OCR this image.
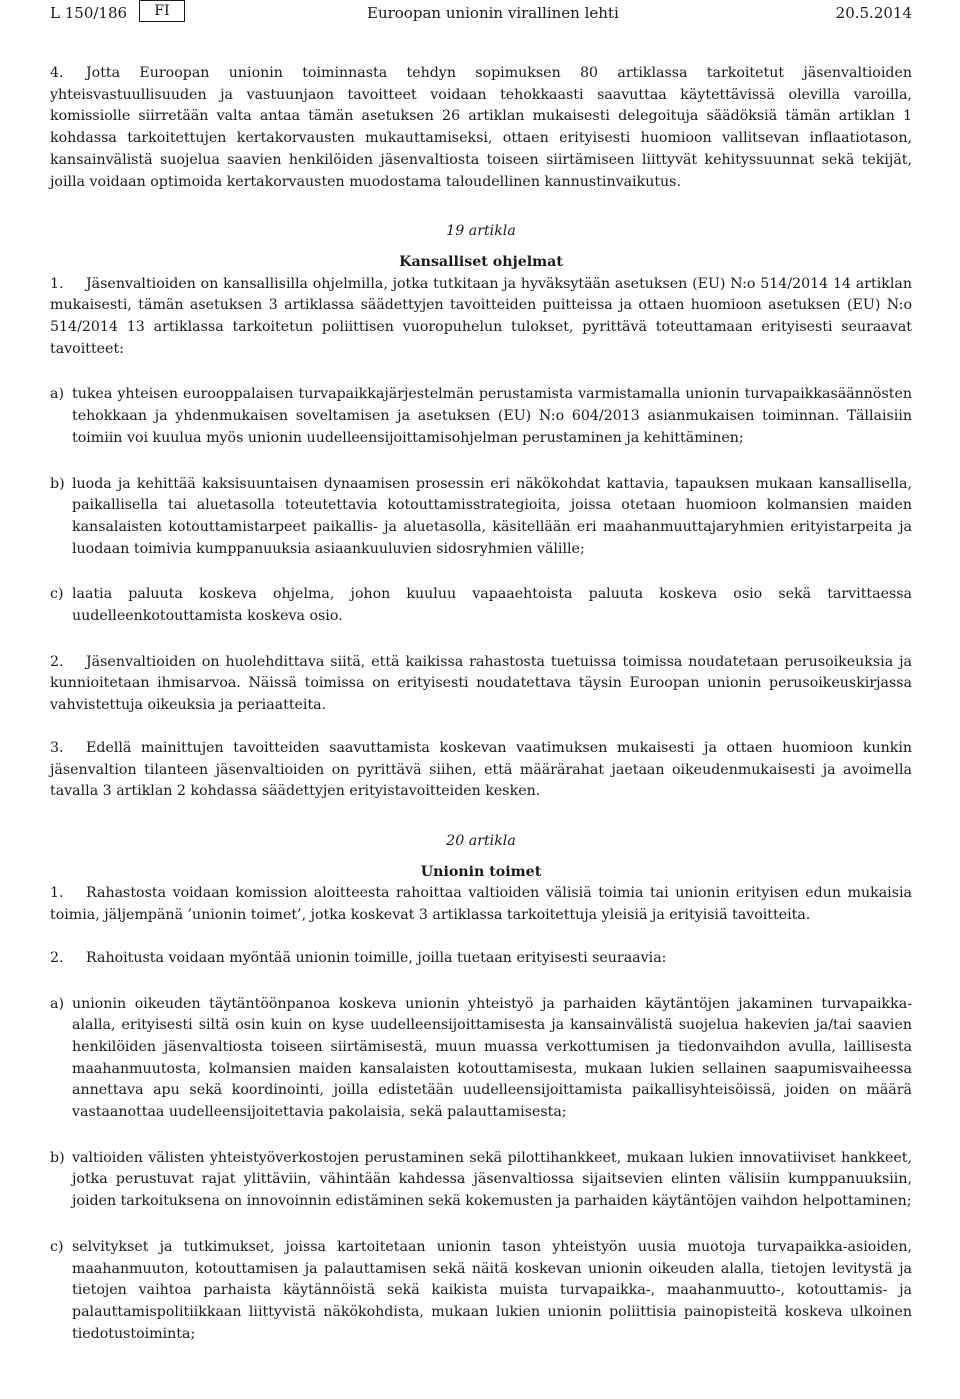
L 150/186	FI	Euroopan unionin virallinen lehti	20.5.2014

4. Jotta Euroopan unionin toiminnasta tehdyn sopimuksen 80 artiklassa tarkoitetut jäsenvaltioiden yhteisvastuullisuuden ja vastuunjaon tavoitteet voidaan tehokkaasti saavuttaa käytettävissä olevilla varoilla, komissiolle siirretään valta antaa tämän asetuksen 26 artiklan mukaisesti delegoituja säädöksiä tämän artiklan 1 kohdassa tarkoitettujen kertakorvausten mukauttamiseksi, ottaen erityisesti huomioon vallitsevan inflaatiotason, kansainvälistä suojelua saavien henkilöiden jäsenvaltiosta toiseen siirtämiseen liittyvät kehityssuunnat sekä tekijät, joilla voidaan optimoida kertakorvausten muodostama taloudellinen kannustinvaikutus.

19 artikla
Kansalliset ohjelmat

1. Jäsenvaltioiden on kansallisilla ohjelmilla, jotka tutkitaan ja hyväksytään asetuksen (EU) N:o 514/2014 14 artiklan mukaisesti, tämän asetuksen 3 artiklassa säädettyjen tavoitteiden puitteissa ja ottaen huomioon asetuksen (EU) N:o 514/2014 13 artiklassa tarkoitetun poliittisen vuoropuhelun tulokset, pyrittävä toteuttamaan erityisesti seuraavat tavoitteet:

a) tukea yhteisen eurooppalaisen turvapaikkajärjestelmän perustamista varmistamalla unionin turvapaikkasäännösten tehokkaan ja yhdenmukaisen soveltamisen ja asetuksen (EU) N:o 604/2013 asianmukaisen toiminnan. Tällaisiin toimiin voi kuulua myös unionin uudelleensijoittamisohjelman perustaminen ja kehittäminen;
b) luoda ja kehittää kaksisuuntaisen dynaamisen prosessin eri näkökohdat kattavia, tapauksen mukaan kansallisella, paikallisella tai aluetasolla toteutettavia kotouttamisstrategioita, joissa otetaan huomioon kolmansien maiden kansalaisten kotouttamistarpeet paikallis- ja aluetasolla, käsitellään eri maahanmuuttajaryhmien erityistarpeita ja luodaan toimivia kumppanuuksia asiaankuuluvien sidosryhmien välille;
c) laatia paluuta koskeva ohjelma, johon kuuluu vapaaehtoista paluuta koskeva osio sekä tarvittaessa uudelleenkotouttamista koskeva osio.

2. Jäsenvaltioiden on huolehdittava siitä, että kaikissa rahastosta tuetuissa toimissa noudatetaan perusoikeuksia ja kunnioitetaan ihmisarvoa. Näissä toimissa on erityisesti noudatettava täysin Euroopan unionin perusoikeuskirjassa vahvistettuja oikeuksia ja periaatteita.

3. Edellä mainittujen tavoitteiden saavuttamista koskevan vaatimuksen mukaisesti ja ottaen huomioon kunkin jäsenvaltion tilanteen jäsenvaltioiden on pyrittävä siihen, että määrärahat jaetaan oikeudenmukaisesti ja avoimella tavalla 3 artiklan 2 kohdassa säädettyjen erityistavoitteiden kesken.

20 artikla
Unionin toimet

1. Rahastosta voidaan komission aloitteesta rahoittaa valtioiden välisiä toimia tai unionin erityisen edun mukaisia toimia, jäljempänä ’unionin toimet’, jotka koskevat 3 artiklassa tarkoitettuja yleisiä ja erityisiä tavoitteita.

2. Rahoitusta voidaan myöntää unionin toimille, joilla tuetaan erityisesti seuraavia:

a) unionin oikeuden täytäntöönpanoa koskeva unionin yhteistyö ja parhaiden käytäntöjen jakaminen turvapaikka-alalla, erityisesti siltä osin kuin on kyse uudelleensijoittamisesta ja kansainvälistä suojelua hakevien ja/tai saavien henkilöiden jäsenvaltiosta toiseen siirtämisestä, muun muassa verkottumisen ja tiedonvaihdon avulla, laillisesta maahanmuutosta, kolmansien maiden kansalaisten kotouttamisesta, mukaan lukien sellainen saapumisvaiheessa annettava apu sekä koordinointi, joilla edistetään uudelleensijoittamista paikallisyhteisöissä, joiden on määrä vastaanottaa uudelleensijoitettavia pakolaisia, sekä palauttamisesta;
b) valtioiden välisten yhteistyöverkostojen perustaminen sekä pilottihankkeet, mukaan lukien innovatiiviset hankkeet, jotka perustuvat rajat ylittäviin, vähintään kahdessa jäsenvaltiossa sijaitsevien elinten välisiin kumppanuuksiin, joiden tarkoituksena on innovoinnin edistäminen sekä kokemusten ja parhaiden käytäntöjen vaihdon helpottaminen;
c) selvitykset ja tutkimukset, joissa kartoitetaan unionin tason yhteistyön uusia muotoja turvapaikka-asioiden, maahanmuuton, kotouttamisen ja palauttamisen sekä näitä koskevan unionin oikeuden alalla, tietojen levitystä ja tietojen vaihtoa parhaista käytännöistä sekä kaikista muista turvapaikka-, maahanmuutto-, kotouttamis- ja palauttamispolitiikkaan liittyvistä näkökohdista, mukaan lukien unionin poliittisia painopisteitä koskeva ulkoinen tiedotustoiminta;
